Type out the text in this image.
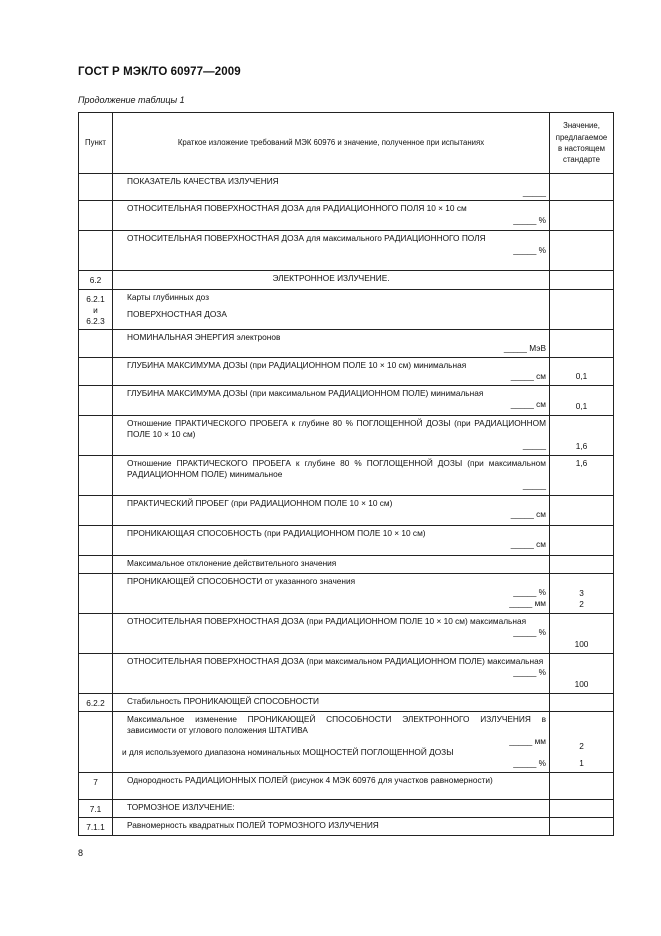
ГОСТ Р МЭК/ТО 60977—2009
Продолжение таблицы 1
Пункт	Краткое изложение требований МЭК 60976 и значение, полученное при испытаниях	Значение,
предлагаемое
в настоящем
стандарте

	ПОКАЗАТЕЛЬ КАЧЕСТВА ИЗЛУЧЕНИЯ
_____	

	ОТНОСИТЕЛЬНАЯ ПОВЕРХНОСТНАЯ ДОЗА для РАДИАЦИОННОГО ПОЛЯ 10 × 10 см
_____ %	

	ОТНОСИТЕЛЬНАЯ ПОВЕРХНОСТНАЯ ДОЗА для максимального РАДИАЦИОННОГО ПОЛЯ
_____ %	

6.2	ЭЛЕКТРОННОЕ ИЗЛУЧЕНИЕ.	

6.2.1
и
6.2.3	Карты глубинных доз
ПОВЕРХНОСТНАЯ ДОЗА	

	НОМИНАЛЬНАЯ ЭНЕРГИЯ электронов
_____ МэВ	

	ГЛУБИНА МАКСИМУМА ДОЗЫ (при РАДИАЦИОННОМ ПОЛЕ 10 × 10 см) минимальная
_____ см	0,1

	ГЛУБИНА МАКСИМУМА ДОЗЫ (при максимальном РАДИАЦИОННОМ ПОЛЕ) минимальная
_____ см	0,1

	Отношение ПРАКТИЧЕСКОГО ПРОБЕГА к глубине 80 % ПОГЛОЩЕННОЙ ДОЗЫ (при РАДИАЦИОННОМ ПОЛЕ 10 × 10 см)
_____	1,6

	Отношение ПРАКТИЧЕСКОГО ПРОБЕГА к глубине 80 % ПОГЛОЩЕННОЙ ДОЗЫ (при максимальном РАДИАЦИОННОМ ПОЛЕ) минимальное
_____	1,6

	ПРАКТИЧЕСКИЙ ПРОБЕГ (при РАДИАЦИОННОМ ПОЛЕ 10 × 10 см)
_____ см	

	ПРОНИКАЮЩАЯ СПОСОБНОСТЬ (при РАДИАЦИОННОМ ПОЛЕ 10 × 10 см)
_____ см	

	Максимальное отклонение действительного значения	

	ПРОНИКАЮЩЕЙ СПОСОБНОСТИ от указанного значения
_____ %
_____ мм	3
2

	ОТНОСИТЕЛЬНАЯ ПОВЕРХНОСТНАЯ ДОЗА (при РАДИАЦИОННОМ ПОЛЕ 10 × 10 см) максимальная
_____ %	100

	ОТНОСИТЕЛЬНАЯ ПОВЕРХНОСТНАЯ ДОЗА (при максимальном РАДИАЦИОННОМ ПОЛЕ) максимальная
_____ %	100
6.2.2	Стабильность ПРОНИКАЮЩЕЙ СПОСОБНОСТИ	

	Максимальное изменение ПРОНИКАЮЩЕЙ СПОСОБНОСТИ ЭЛЕКТРОННОГО ИЗЛУЧЕНИЯ в зависимости от углового положения ШТАТИВА
_____ мм
и для используемого диапазона номинальных МОЩНОСТЕЙ ПОГЛОЩЕННОЙ ДОЗЫ
_____ %	2
1

7	Однородность РАДИАЦИОННЫХ ПОЛЕЙ (рисунок 4 МЭК 60976 для участков равномерности)	

7.1	ТОРМОЗНОЕ ИЗЛУЧЕНИЕ:	

7.1.1	Равномерность квадратных ПОЛЕЙ ТОРМОЗНОГО ИЗЛУЧЕНИЯ	

8
